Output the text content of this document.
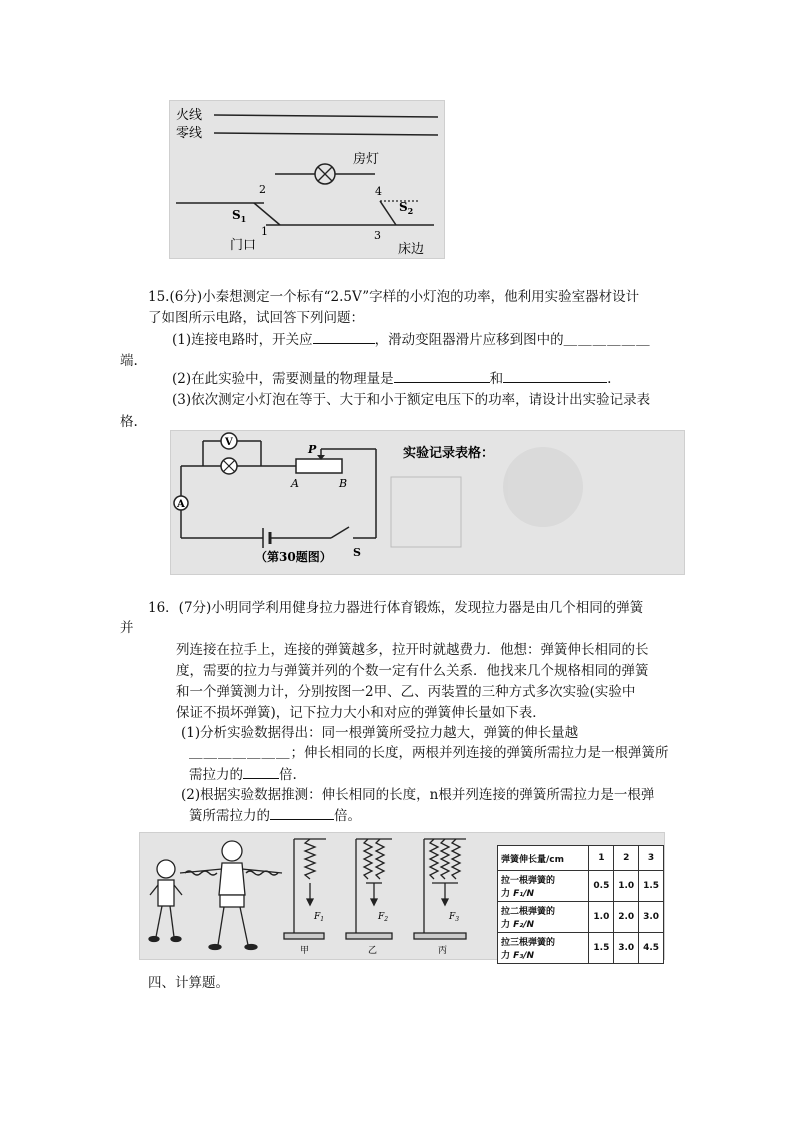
火线
零线
房灯
2	4
$S_1$
$S_2$
1	3
门口	床边
15.(6分)小秦想测定一个标有“2.5V”字样的小灯泡的功率，他利用实验室器材设计
了如图所示电路，试回答下列问题：
(1)连接电路时，开关应	，滑动变阻器滑片应移到图中的＿＿＿＿＿＿
端.
(2)在此实验中，需要测量的物理量是	和	.
(3)依次测定小灯泡在等于、大于和小于额定电压下的功率，请设计出实验记录表
格.
V
P
A	B
A
S
（第30题图）
实验记录表格：
16．(7分)小明同学利用健身拉力器进行体育锻炼，发现拉力器是由几个相同的弹簧
并
列连接在拉手上，连接的弹簧越多，拉开时就越费力．他想：弹簧伸长相同的长
度，需要的拉力与弹簧并列的个数一定有什么关系．他找来几个规格相同的弹簧
和一个弹簧测力计，分别按图一2甲、乙、丙装置的三种方式多次实验(实验中
保证不损坏弹簧)，记下拉力大小和对应的弹簧伸长量如下表．
(1)分析实验数据得出：同一根弹簧所受拉力越大，弹簧的伸长量越
＿＿＿＿＿＿＿；伸长相同的长度，两根并列连接的弹簧所需拉力是一根弹簧所
需拉力的	倍.
(2)根据实验数据推测：伸长相同的长度，n根并列连接的弹簧所需拉力是一根弹
簧所需拉力的	倍。
$F_1$	$F_2$	$F_3$
甲	乙	丙
弹簧伸长量/cm	1	2	3
拉一根弹簧的力 F₁/N	0.5	1.0	1.5
拉二根弹簧的力 F₂/N	1.0	2.0	3.0
拉三根弹簧的力 F₃/N	1.5	3.0	4.5
四、计算题。
